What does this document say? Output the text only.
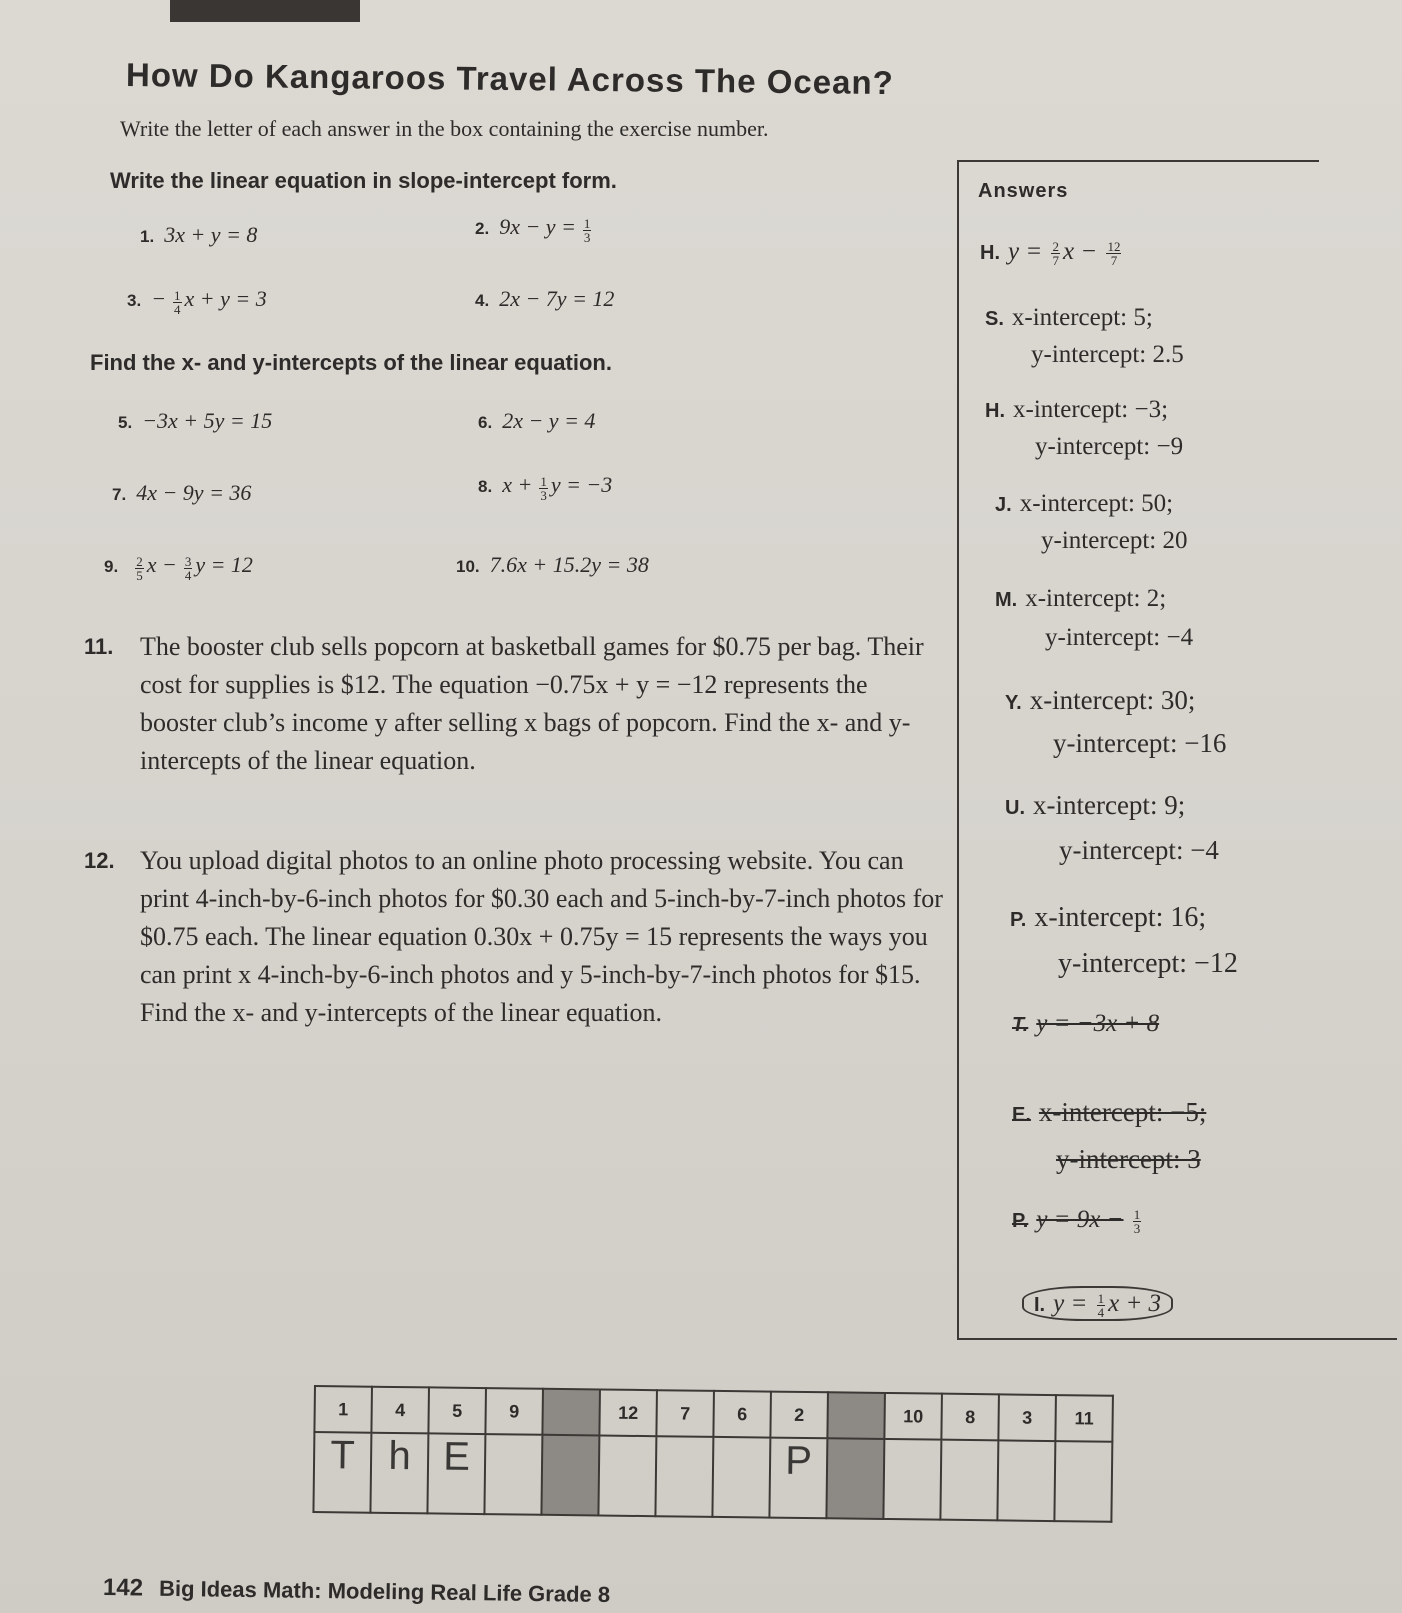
How Do Kangaroos Travel Across The Ocean?
Write the letter of each answer in the box containing the exercise number.
Write the linear equation in slope-intercept form.
1. 3x + y = 8	2. $9x - y = \frac{1}{3}$
3. − $\frac{1}{4}$ x + y = 3	4. 2x − 7y = 12
Find the x- and y-intercepts of the linear equation.
5. −3x + 5y = 15	6. 2x − y = 4
7. 4x − 9y = 36	8. $x + \frac{1}{3}$ y = −3
9. $\frac{2}{5}$ $x - \frac{3}{4}$ y = 12	10. 7.6x + 15.2y = 38
11. The booster club sells popcorn at basketball games for $0.75 per bag. Their cost for supplies is $12. The equation −0.75x + y = −12 represents the booster club’s income y after selling x bags of popcorn. Find the x- and y-intercepts of the linear equation.
12. You upload digital photos to an online photo processing website. You can print 4-inch-by-6-inch photos for $0.30 each and 5-inch-by-7-inch photos for $0.75 each. The linear equation 0.30x + 0.75y = 15 represents the ways you can print x 4-inch-by-6-inch photos and y 5-inch-by-7-inch photos for $15. Find the x- and y-intercepts of the linear equation.
Answers
H. $y = \frac{2}{7}$ $x - \frac{12}{7}$
S. x-intercept: 5;
y-intercept: 2.5
H. x-intercept: −3;
y-intercept: −9
J. x-intercept: 50;
y-intercept: 20
M. x-intercept: 2;
y-intercept: −4
Y. x-intercept: 30;
y-intercept: −16
U. x-intercept: 9;
y-intercept: −4
P. x-intercept: 16;
y-intercept: −12
T. y = −3x + 8
E. x-intercept: −5;
y-intercept: 3
P. $y = 9x - \frac{1}{3}$
I. $y = \frac{1}{4}$ x + 3
1	4	5	9		12	7	6	2		10	8	3	11
T	h	E						P					
142 Big Ideas Math: Modeling Real Life Grade 8
